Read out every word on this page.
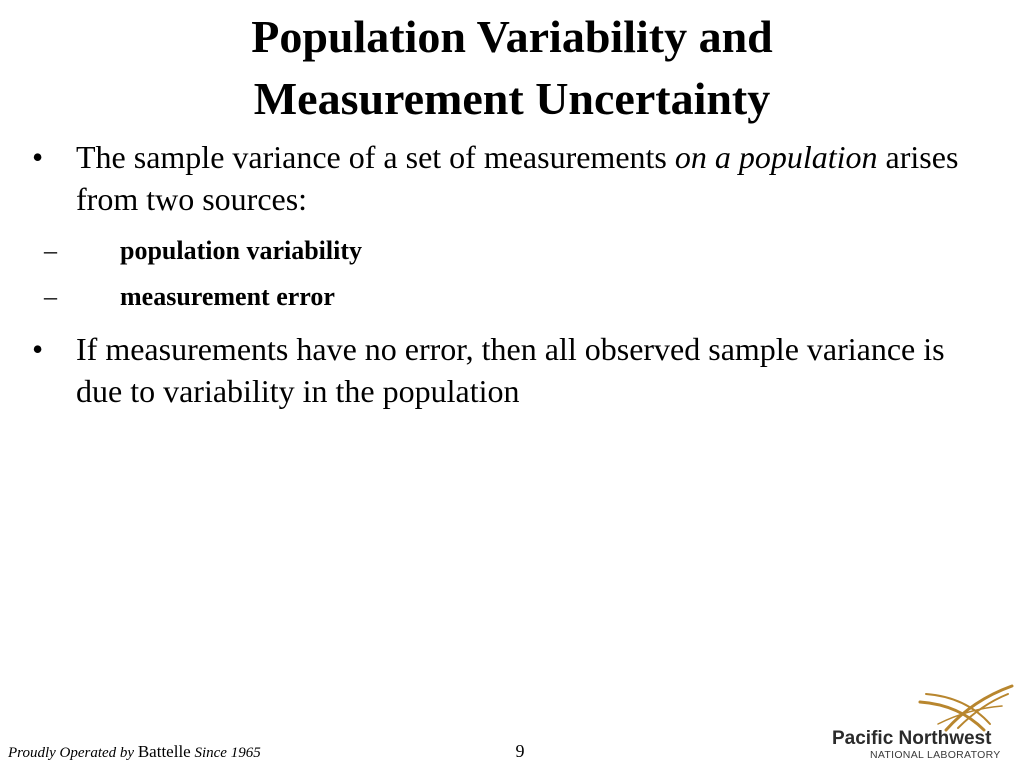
Population Variability and
Measurement Uncertainty
• The sample variance of a set of measurements on a population arises from two sources:
– population variability
– measurement error
• If measurements have no error, then all observed sample variance is due to variability in the population
Proudly Operated by Battelle Since 1965	9
Pacific Northwest
NATIONAL LABORATORY
